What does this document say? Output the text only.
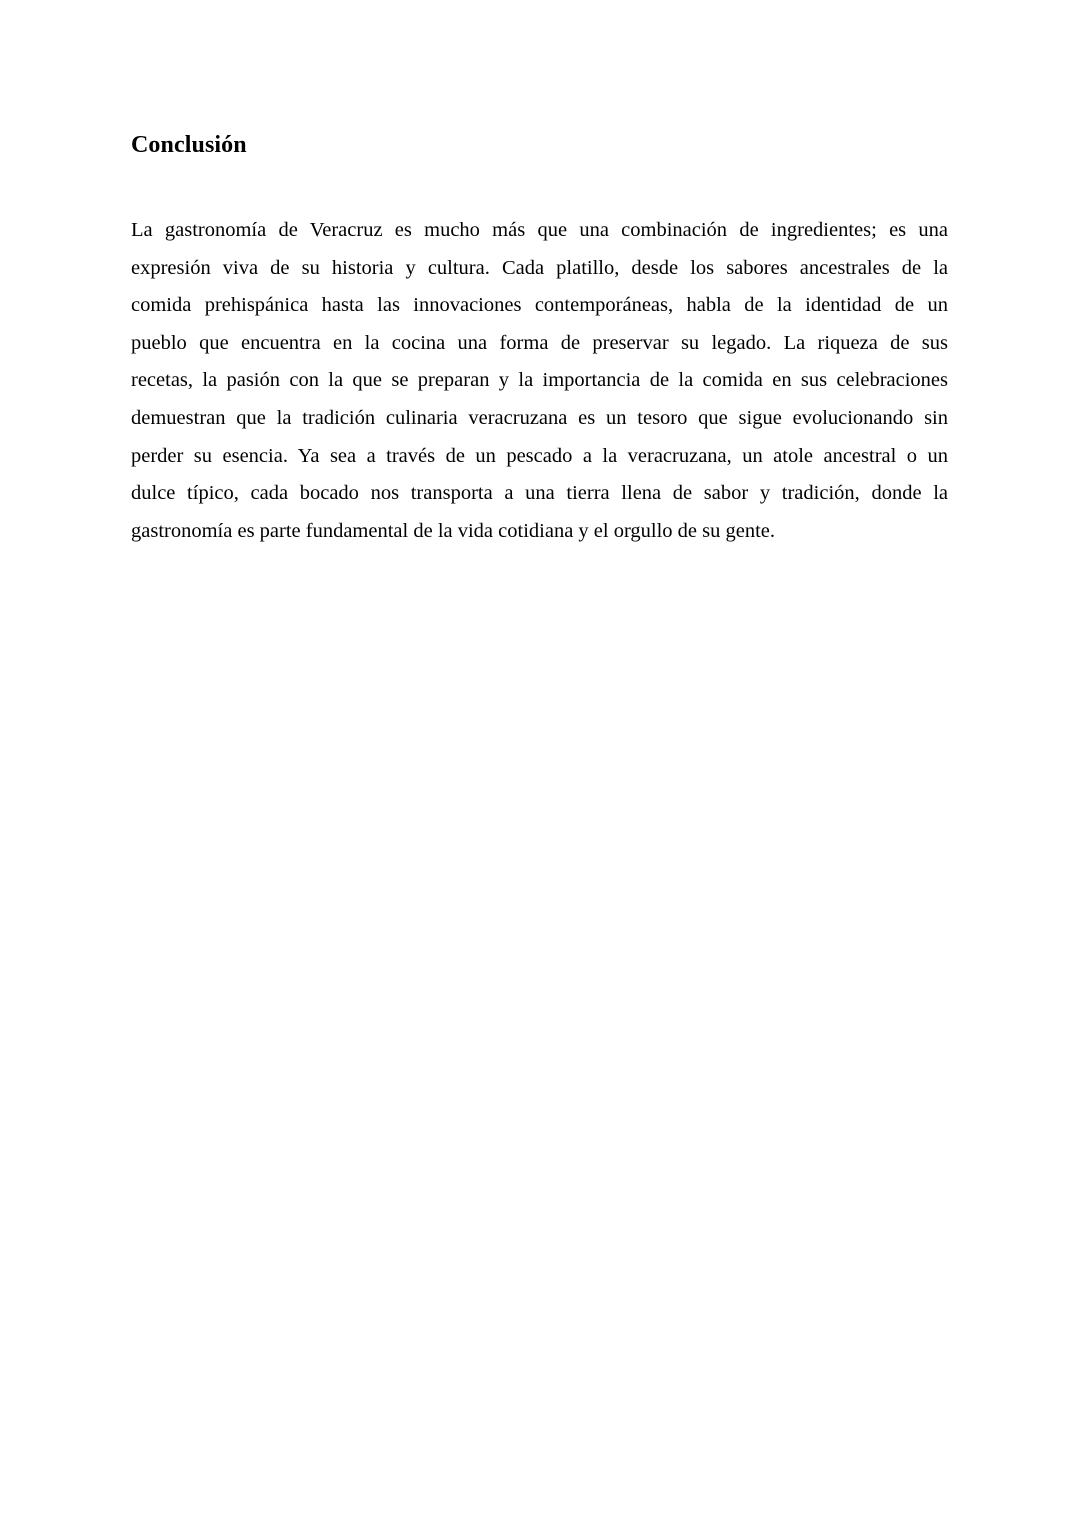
Conclusión
La gastronomía de Veracruz es mucho más que una combinación de ingredientes; es una
expresión viva de su historia y cultura. Cada platillo, desde los sabores ancestrales de la
comida prehispánica hasta las innovaciones contemporáneas, habla de la identidad de un
pueblo que encuentra en la cocina una forma de preservar su legado. La riqueza de sus
recetas, la pasión con la que se preparan y la importancia de la comida en sus celebraciones
demuestran que la tradición culinaria veracruzana es un tesoro que sigue evolucionando sin
perder su esencia. Ya sea a través de un pescado a la veracruzana, un atole ancestral o un
dulce típico, cada bocado nos transporta a una tierra llena de sabor y tradición, donde la
gastronomía es parte fundamental de la vida cotidiana y el orgullo de su gente.
